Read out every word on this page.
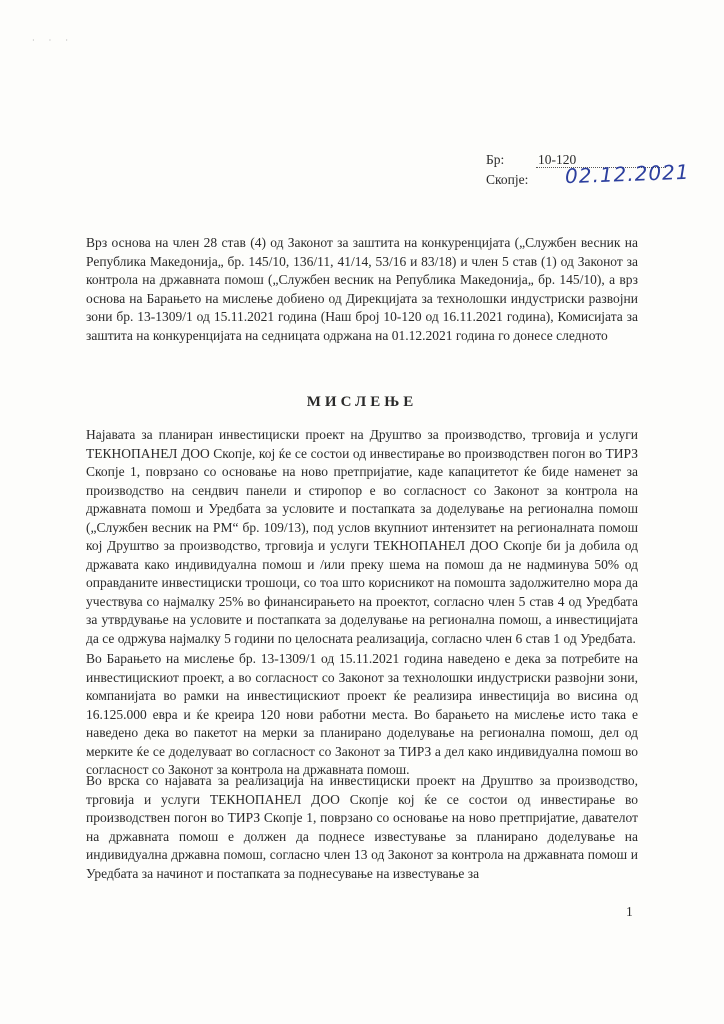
· · ·
Бр:	10-120
Скопје:	02.12.2021
Врз основа на член 28 став (4) од Законот за заштита на конкуренцијата („Службен весник на Република Македонија„ бр. 145/10, 136/11, 41/14, 53/16 и 83/18) и член 5 став (1) од Законот за контрола на државната помош („Службен весник на Република Македонија„ бр. 145/10), а врз основа на Барањето на мислење добиено од Дирекцијата за технолошки индустриски развојни зони бр. 13-1309/1 од 15.11.2021 година (Наш број 10-120 од 16.11.2021 година), Комисијата за заштита на конкуренцијата на седницата одржана на 01.12.2021 година го донесе следното
МИСЛЕЊЕ
Најавата за планиран инвестициски проект на Друштво за производство, трговија и услуги ТЕКНОПАНЕЛ ДОО Скопје, кој ќе се состои од инвестирање во производствен погон во ТИРЗ Скопје 1, поврзано со основање на ново претпријатие, каде капацитетот ќе биде наменет за производство на сендвич панели и стиропор е во согласност со Законот за контрола на државната помош и Уредбата за условите и постапката за доделување на регионална помош („Службен весник на РМ“ бр. 109/13), под услов вкупниот интензитет на регионалната помош кој Друштво за производство, трговија и услуги ТЕКНОПАНЕЛ ДОО Скопје би ја добила од државата како индивидуална помош и /или преку шема на помош да не надминува 50% од оправданите инвестициски трошоци, со тоа што корисникот на помошта задолжително мора да учествува со најмалку 25% во финансирањето на проектот, согласно член 5 став 4 од Уредбата за утврдување на условите и постапката за доделување на регионална помош, а инвестицијата да се одржува најмалку 5 години по целосната реализација, согласно член 6 став 1 од Уредбата.
Во Барањето на мислење бр. 13-1309/1 од 15.11.2021 година наведено е дека за потребите на инвестицискиот проект, а во согласност со Законот за технолошки индустриски развојни зони, компанијата во рамки на инвестицискиот проект ќе реализира инвестиција во висина од 16.125.000 евра и ќе креира 120 нови работни места. Во барањето на мислење исто така е наведено дека во пакетот на мерки за планирано доделување на регионална помош, дел од мерките ќе се доделуваат во согласност со Законот за ТИРЗ а дел како индивидуална помош во согласност со Законот за контрола на државната помош.
Во врска со најавата за реализација на инвестициски проект на Друштво за производство, трговија и услуги ТЕКНОПАНЕЛ ДОО Скопје кој ќе се состои од инвестирање во производствен погон во ТИРЗ Скопје 1, поврзано со основање на ново претпријатие, давателот на државната помош е должен да поднесе известување за планирано доделување на индивидуална државна помош, согласно член 13 од Законот за контрола на државната помош и Уредбата за начинот и постапката за поднесување на известување за
1
